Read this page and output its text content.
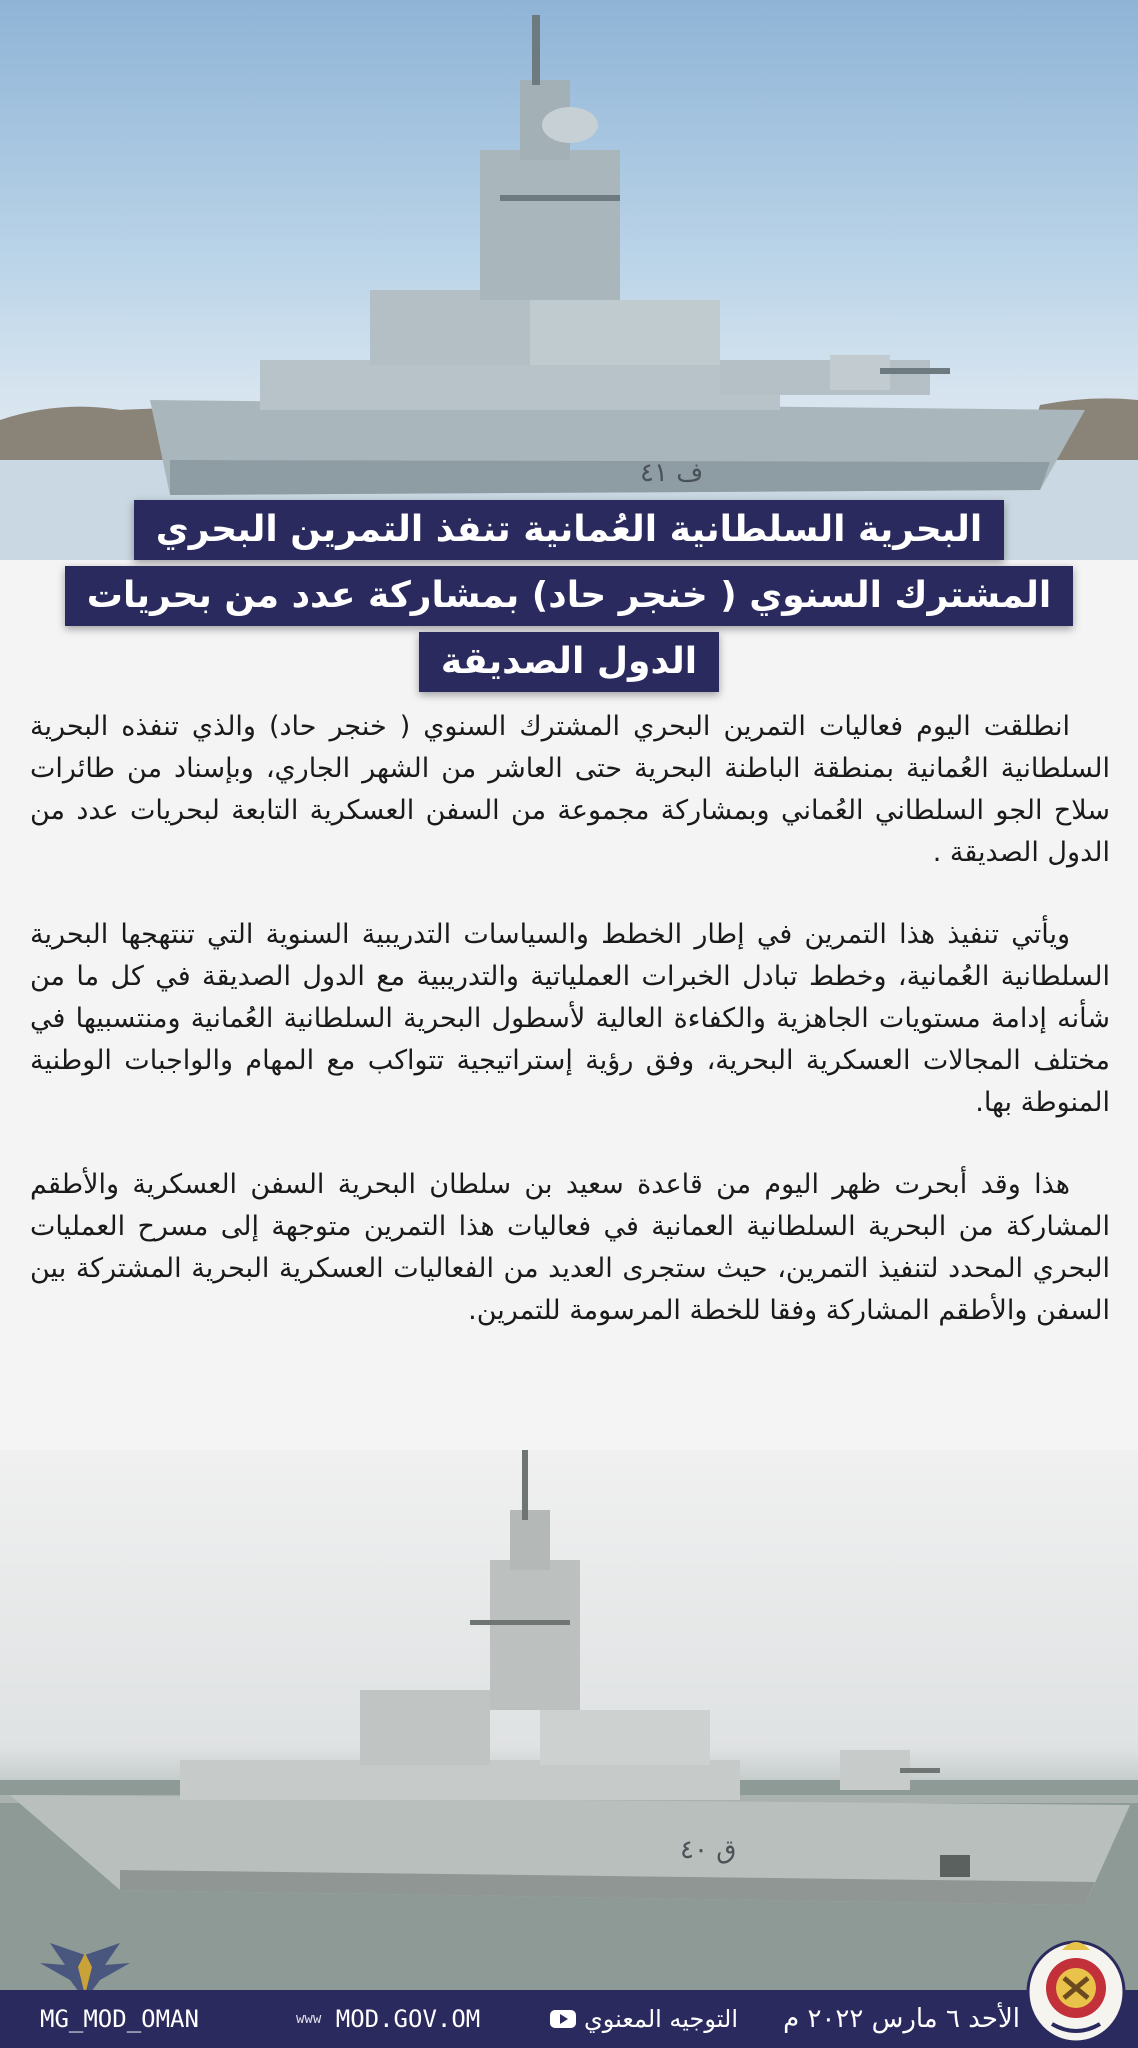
ف ٤١
البحرية السلطانية العُمانية تنفذ التمرين البحري
المشترك السنوي ( خنجر حاد) بمشاركة عدد من بحريات
الدول الصديقة

انطلقت اليوم فعاليات التمرين البحري المشترك السنوي ( خنجر حاد) والذي تنفذه البحرية السلطانية العُمانية بمنطقة الباطنة البحرية حتى العاشر من الشهر الجاري، وبإسناد من طائرات سلاح الجو السلطاني العُماني وبمشاركة مجموعة من السفن العسكرية التابعة لبحريات عدد من الدول الصديقة .

ويأتي تنفيذ هذا التمرين في إطار الخطط والسياسات التدريبية السنوية التي تنتهجها البحرية السلطانية العُمانية، وخطط تبادل الخبرات العملياتية والتدريبية مع الدول الصديقة في كل ما من شأنه إدامة مستويات الجاهزية والكفاءة العالية لأسطول البحرية السلطانية العُمانية ومنتسبيها في مختلف المجالات العسكرية البحرية، وفق رؤية إستراتيجية تتواكب مع المهام والواجبات الوطنية المنوطة بها.

هذا وقد أبحرت ظهر اليوم من قاعدة سعيد بن سلطان البحرية السفن العسكرية والأطقم المشاركة من البحرية السلطانية العمانية في فعاليات هذا التمرين متوجهة إلى مسرح العمليات البحري المحدد لتنفيذ التمرين، حيث ستجرى العديد من الفعاليات العسكرية البحرية المشتركة بين السفن والأطقم المشاركة وفقا للخطة المرسومة للتمرين.

ق ٤٠
الأحد ٦ مارس ٢٠٢٢ م
التوجيه المعنوي
www
MOD.GOV.OM
MG_MOD_OMAN
